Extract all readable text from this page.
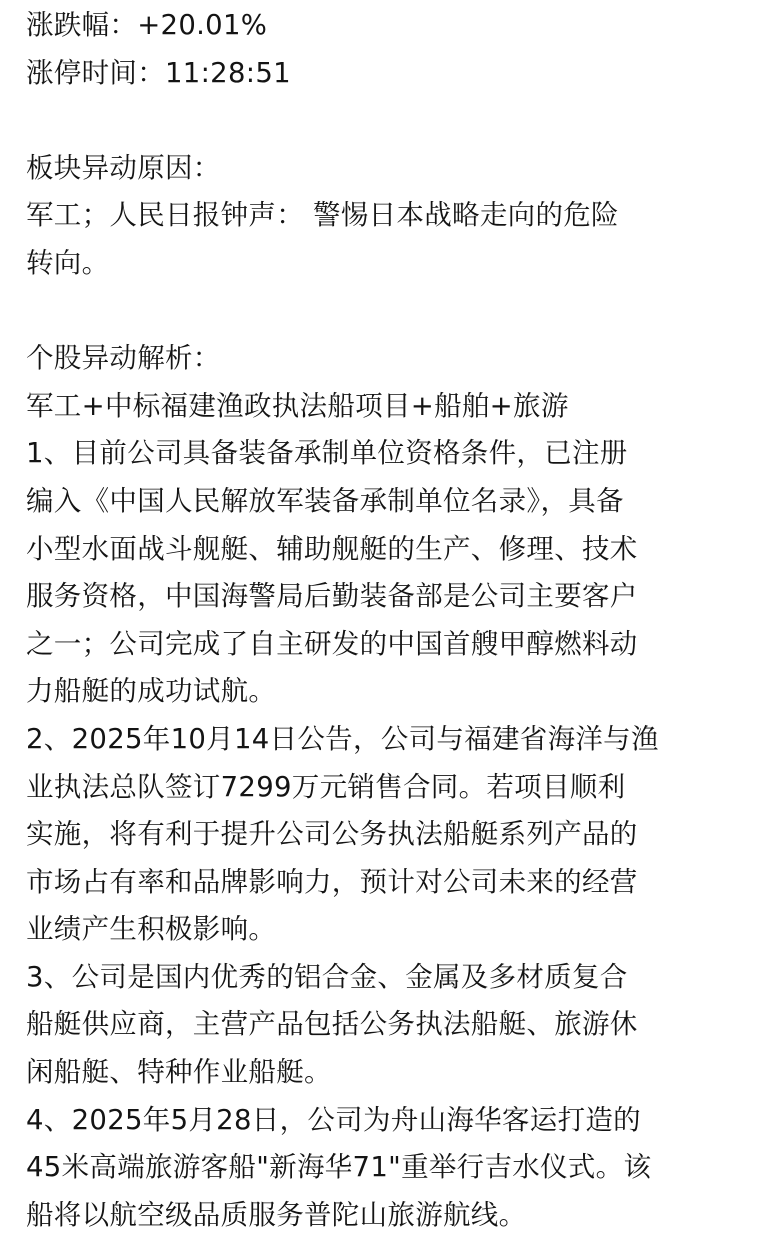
涨跌幅：+20.01%
涨停时间：11:28:51
板块异动原因：
军工；人民日报钟声： 警惕日本战略走向的危险
转向。
个股异动解析：
军工+中标福建渔政执法船项目+船舶+旅游
1、目前公司具备装备承制单位资格条件，已注册
编入《中国人民解放军装备承制单位名录》，具备
小型水面战斗舰艇、辅助舰艇的生产、修理、技术
服务资格，中国海警局后勤装备部是公司主要客户
之一；公司完成了自主研发的中国首艘甲醇燃料动
力船艇的成功试航。
2、2025年10月14日公告，公司与福建省海洋与渔
业执法总队签订7299万元销售合同。若项目顺利
实施，将有利于提升公司公务执法船艇系列产品的
市场占有率和品牌影响力，预计对公司未来的经营
业绩产生积极影响。
3、公司是国内优秀的铝合金、金属及多材质复合
船艇供应商，主营产品包括公务执法船艇、旅游休
闲船艇、特种作业船艇。
4、2025年5月28日，公司为舟山海华客运打造的
45米高端旅游客船"新海华71"重举行吉水仪式。该
船将以航空级品质服务普陀山旅游航线。
